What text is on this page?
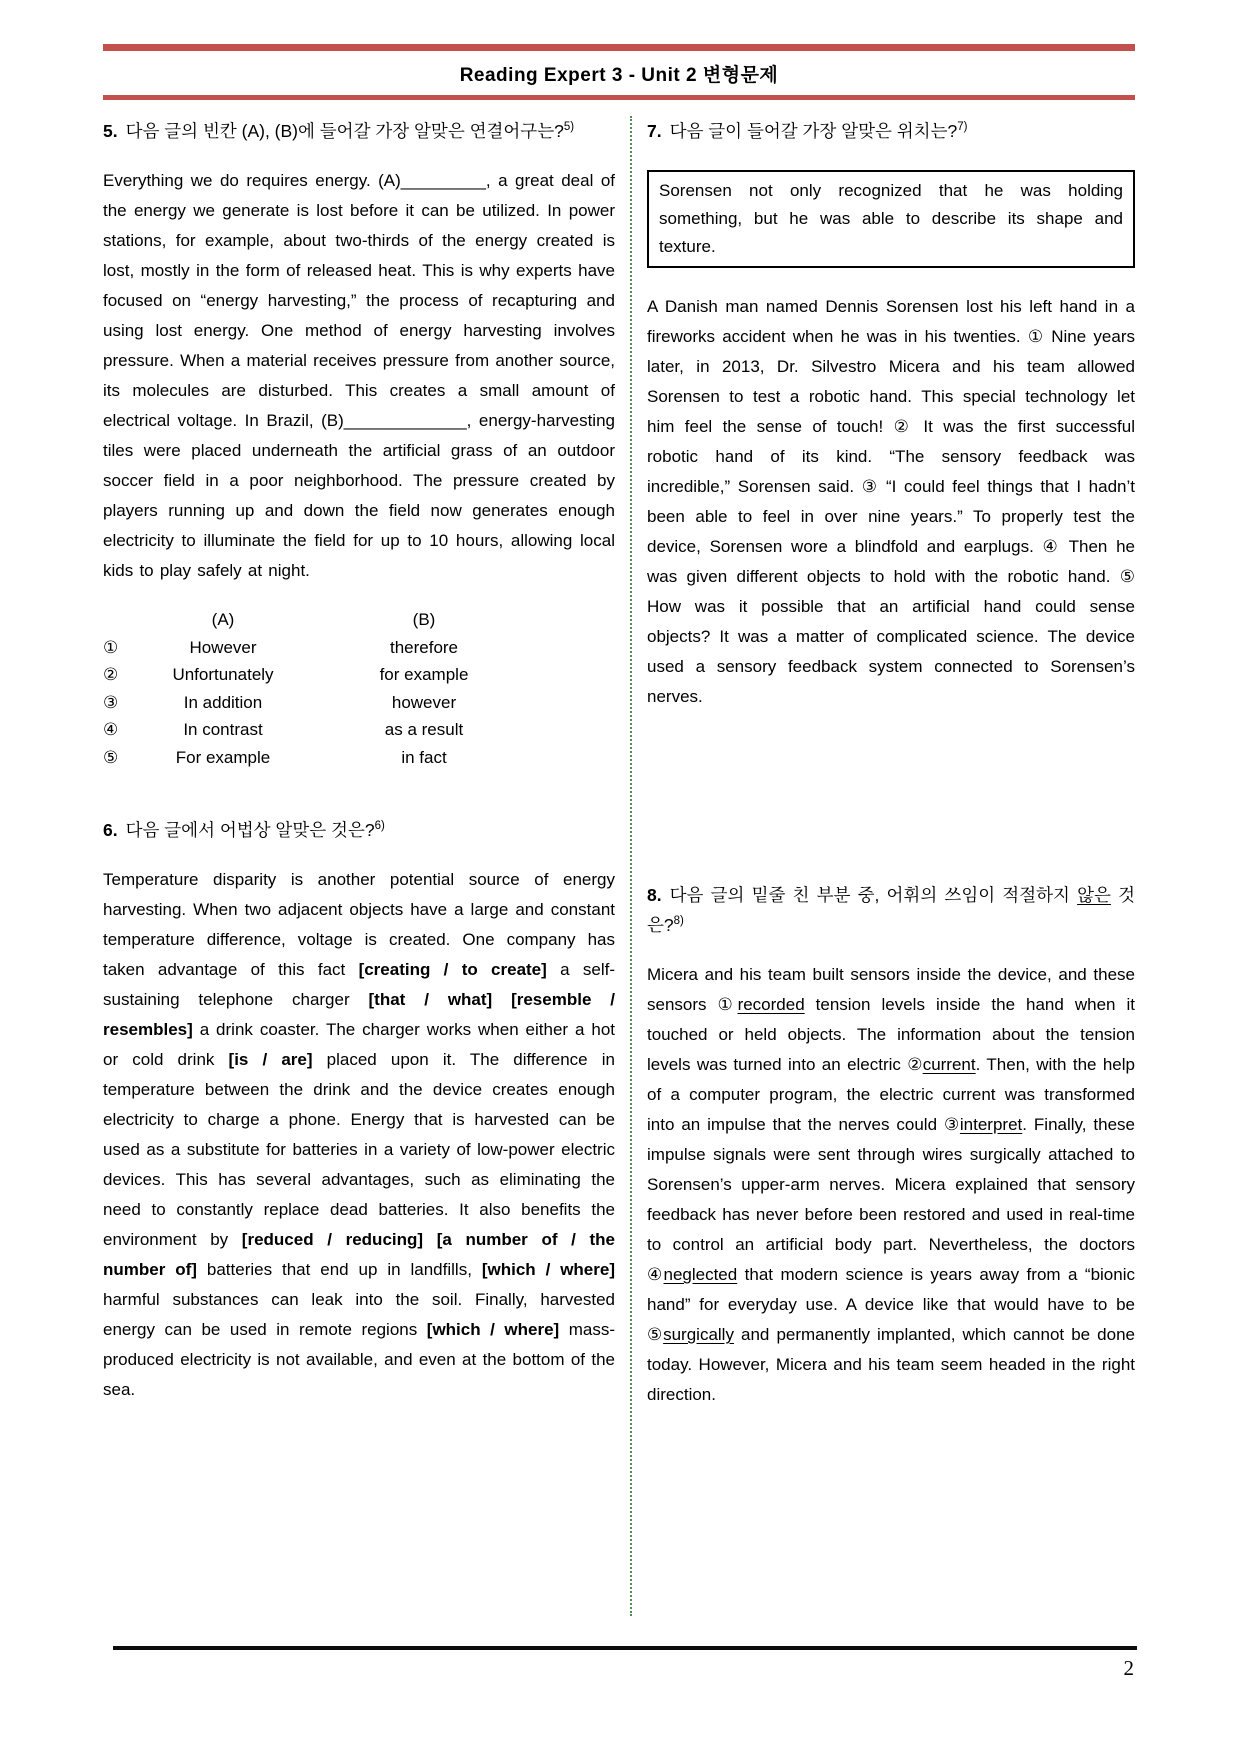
Reading Expert 3 - Unit 2 변형문제
5. 다음 글의 빈칸 (A), (B)에 들어갈 가장 알맞은 연결어구는?$^{5)}$

Everything we do requires energy. (A)_________, a great deal of the energy we generate is lost before it can be utilized. In power stations, for example, about two-thirds of the energy created is lost, mostly in the form of released heat. This is why experts have focused on “energy harvesting,” the process of recapturing and using lost energy. One method of energy harvesting involves pressure. When a material receives pressure from another source, its molecules are disturbed. This creates a small amount of electrical voltage. In Brazil, (B)_____________, energy-harvesting tiles were placed underneath the artificial grass of an outdoor soccer field in a poor neighborhood. The pressure created by players running up and down the field now generates enough electricity to illuminate the field for up to 10 hours, allowing local kids to play safely at night.

(A)	(B)
①	However	therefore
②	Unfortunately	for example
③	In addition	however
④	In contrast	as a result
⑤	For example	in fact
6. 다음 글에서 어법상 알맞은 것은?$^{6)}$

Temperature disparity is another potential source of energy harvesting. When two adjacent objects have a large and constant temperature difference, voltage is created. One company has taken advantage of this fact [creating / to create] a self-sustaining telephone charger [that / what] [resemble / resembles] a drink coaster. The charger works when either a hot or cold drink [is / are] placed upon it. The difference in temperature between the drink and the device creates enough electricity to charge a phone. Energy that is harvested can be used as a substitute for batteries in a variety of low-power electric devices. This has several advantages, such as eliminating the need to constantly replace dead batteries. It also benefits the environment by [reduced / reducing] [a number of / the number of] batteries that end up in landfills, [which / where] harmful substances can leak into the soil. Finally, harvested energy can be used in remote regions [which / where] mass-produced electricity is not available, and even at the bottom of the sea.

7. 다음 글이 들어갈 가장 알맞은 위치는?$^{7)}$
Sorensen not only recognized that he was holding something, but he was able to describe its shape and texture.

A Danish man named Dennis Sorensen lost his left hand in a fireworks accident when he was in his twenties. ① Nine years later, in 2013, Dr. Silvestro Micera and his team allowed Sorensen to test a robotic hand. This special technology let him feel the sense of touch! ② It was the first successful robotic hand of its kind. “The sensory feedback was incredible,” Sorensen said. ③ “I could feel things that I hadn’t been able to feel in over nine years.” To properly test the device, Sorensen wore a blindfold and earplugs. ④ Then he was given different objects to hold with the robotic hand. ⑤ How was it possible that an artificial hand could sense objects? It was a matter of complicated science. The device used a sensory feedback system connected to Sorensen’s nerves.

8. 다음 글의 밑줄 친 부분 중, 어휘의 쓰임이 적절하지 않은 것은?$^{8)}$

Micera and his team built sensors inside the device, and these sensors ①recorded tension levels inside the hand when it touched or held objects. The information about the tension levels was turned into an electric ②current. Then, with the help of a computer program, the electric current was transformed into an impulse that the nerves could ③interpret. Finally, these impulse signals were sent through wires surgically attached to Sorensen’s upper-arm nerves. Micera explained that sensory feedback has never before been restored and used in real-time to control an artificial body part. Nevertheless, the doctors ④neglected that modern science is years away from a “bionic hand” for everyday use. A device like that would have to be ⑤surgically and permanently implanted, which cannot be done today. However, Micera and his team seem headed in the right direction.

2
